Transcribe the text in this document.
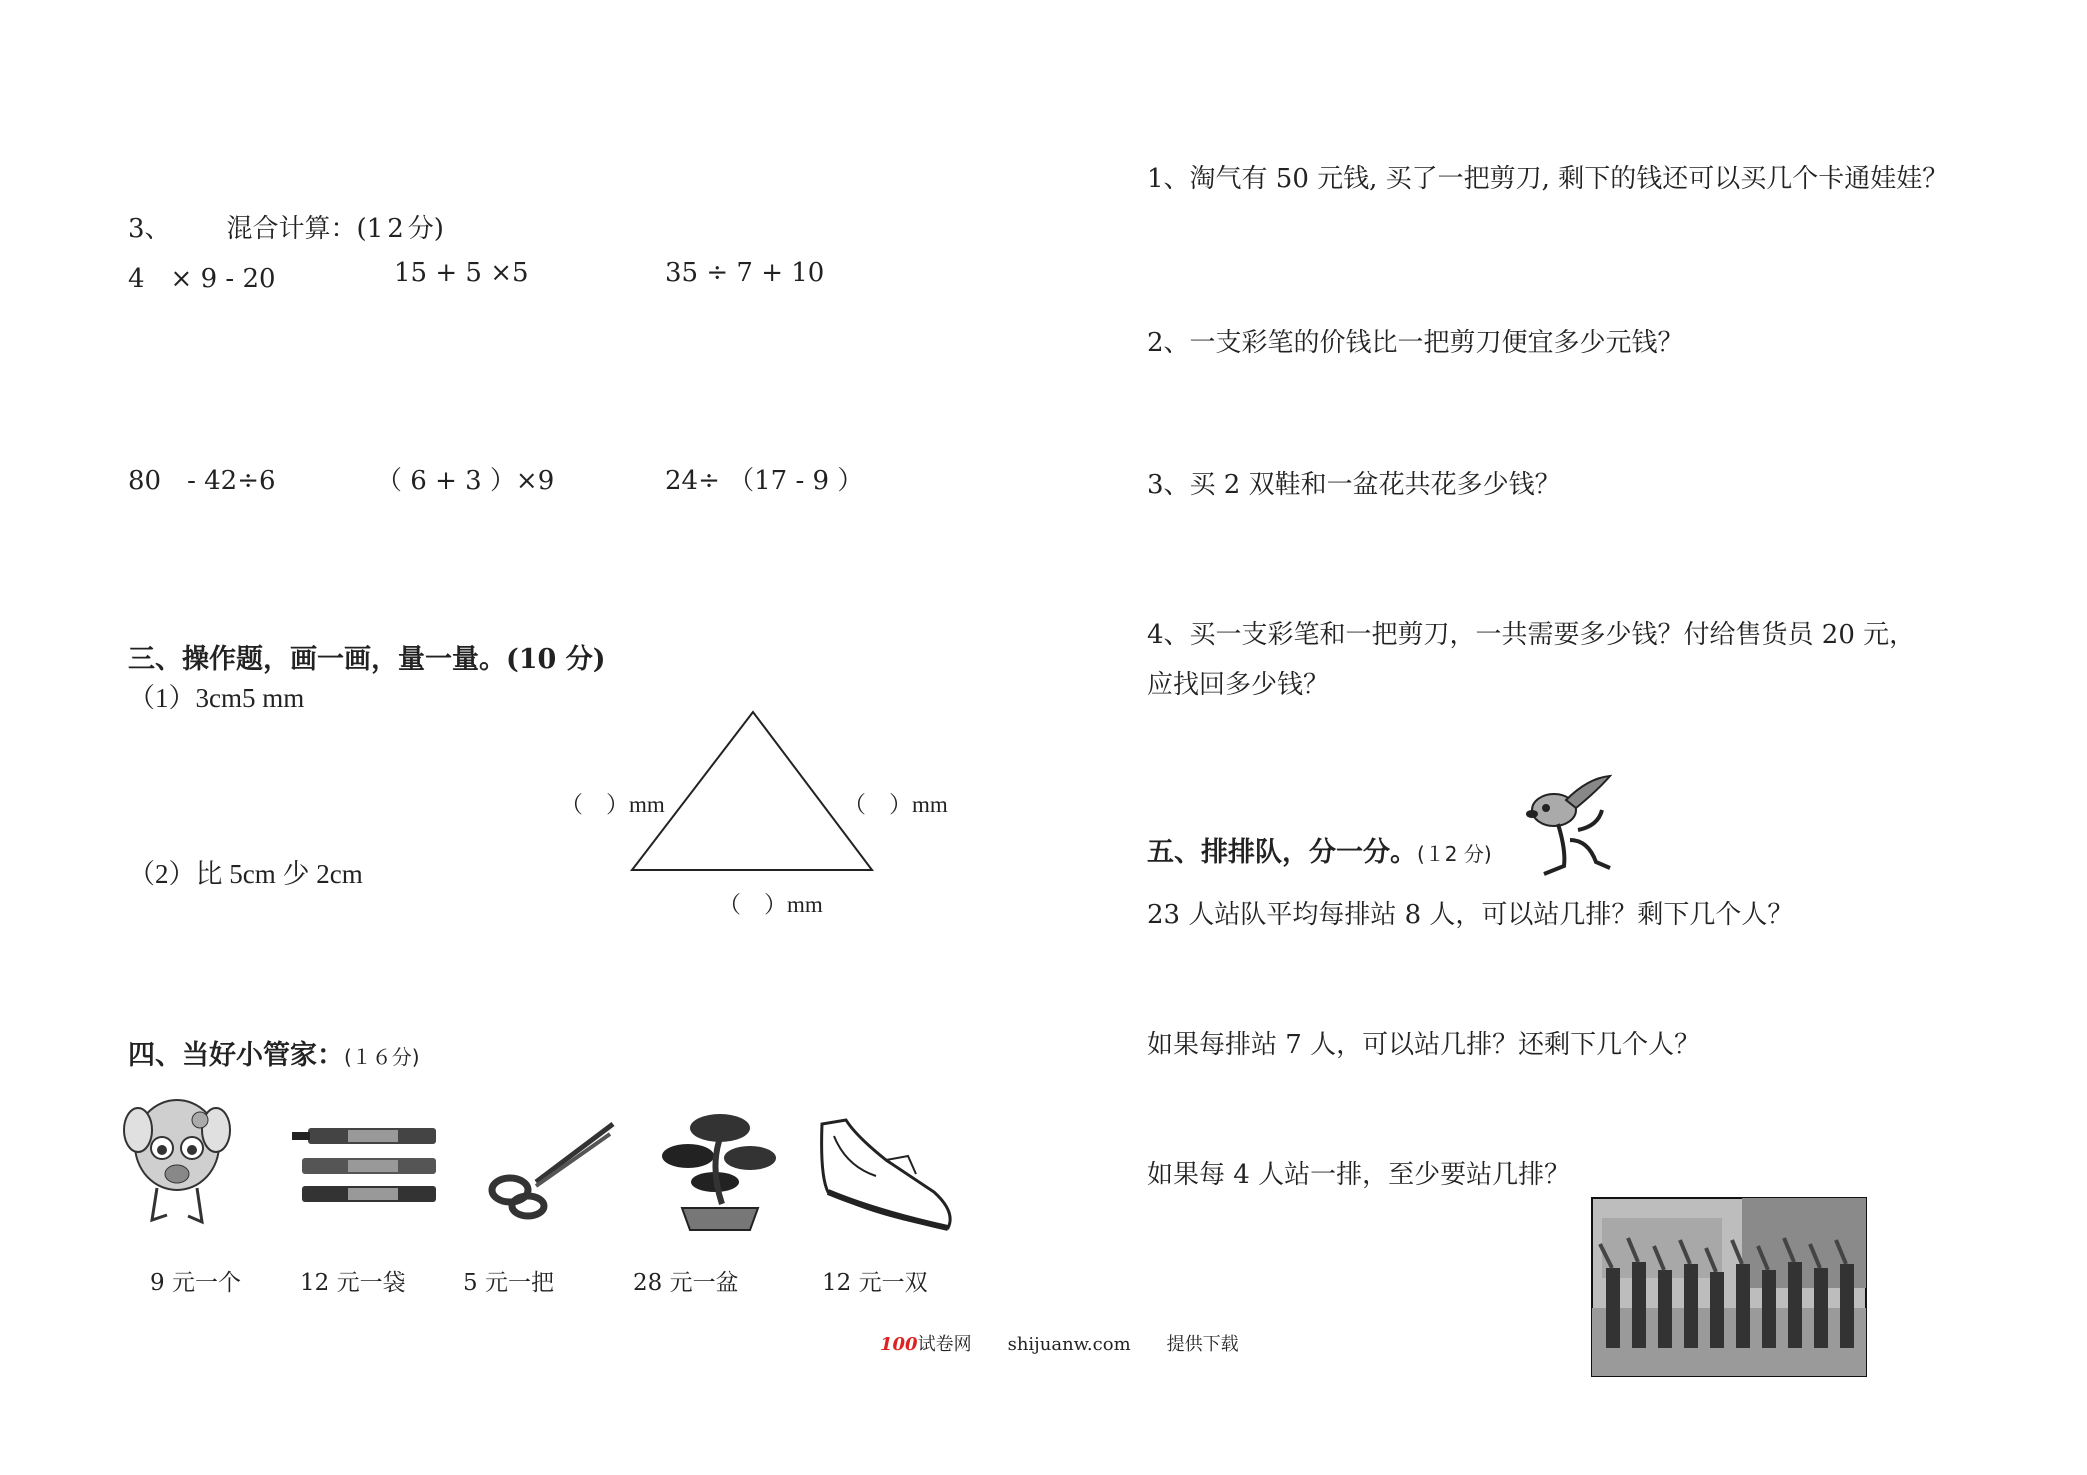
3、 混合计算：(12分)
4　× 9 - 20	15 + 5 ×5	35 ÷ 7 + 10
80　- 42÷6	（ 6 + 3 ）×9	24÷ （17 - 9 ）
三、操作题，画一画，量一量。(10 分)
（1）3cm5 mm
（2）比 5cm 少 2cm
（　）mm	（　）mm
（　）mm
四、当好小管家：(１６分)
9 元一个	12 元一袋 5 元一把	28 元一盆	12 元一双
100试卷网 shijuanw.com 提供下载
1、淘气有 50 元钱, 买了一把剪刀, 剩下的钱还可以买几个卡通娃娃？
2、一支彩笔的价钱比一把剪刀便宜多少元钱？
3、买 2 双鞋和一盆花共花多少钱？
4、买一支彩笔和一把剪刀，一共需要多少钱？付给售货员 20 元，
应找回多少钱？
五、排排队，分一分。(１2 分)
23 人站队平均每排站 8 人，可以站几排？剩下几个人？
如果每排站 7 人，可以站几排？还剩下几个人？
如果每 4 人站一排，至少要站几排？
